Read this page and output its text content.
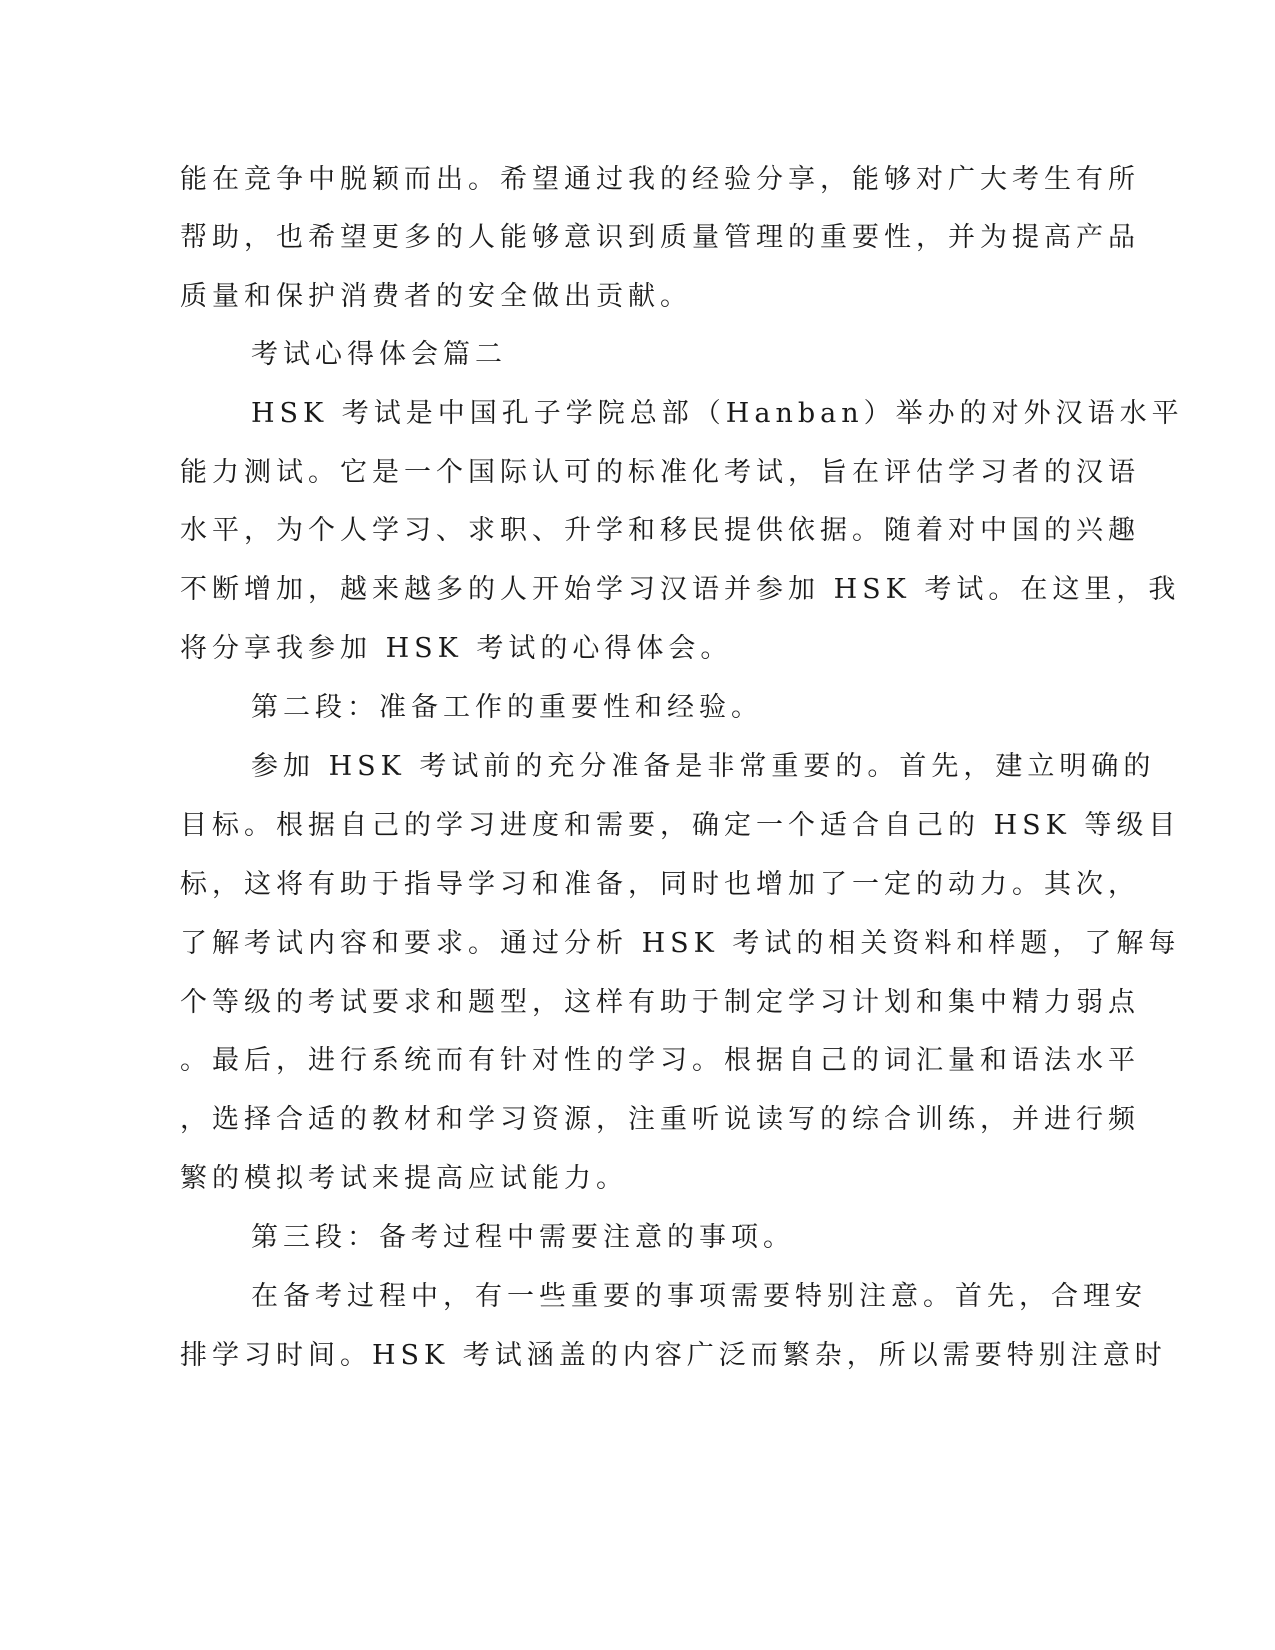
能在竞争中脱颖而出。希望通过我的经验分享，能够对广大考生有所
帮助，也希望更多的人能够意识到质量管理的重要性，并为提高产品
质量和保护消费者的安全做出贡献。
考试心得体会篇二
HSK 考试是中国孔子学院总部（Hanban）举办的对外汉语水平
能力测试。它是一个国际认可的标准化考试，旨在评估学习者的汉语
水平，为个人学习、求职、升学和移民提供依据。随着对中国的兴趣
不断增加，越来越多的人开始学习汉语并参加 HSK 考试。在这里，我
将分享我参加 HSK 考试的心得体会。
第二段：准备工作的重要性和经验。
参加 HSK 考试前的充分准备是非常重要的。首先，建立明确的
目标。根据自己的学习进度和需要，确定一个适合自己的 HSK 等级目
标，这将有助于指导学习和准备，同时也增加了一定的动力。其次，
了解考试内容和要求。通过分析 HSK 考试的相关资料和样题，了解每
个等级的考试要求和题型，这样有助于制定学习计划和集中精力弱点
。最后，进行系统而有针对性的学习。根据自己的词汇量和语法水平
，选择合适的教材和学习资源，注重听说读写的综合训练，并进行频
繁的模拟考试来提高应试能力。
第三段：备考过程中需要注意的事项。
在备考过程中，有一些重要的事项需要特别注意。首先，合理安
排学习时间。HSK 考试涵盖的内容广泛而繁杂，所以需要特别注意时
